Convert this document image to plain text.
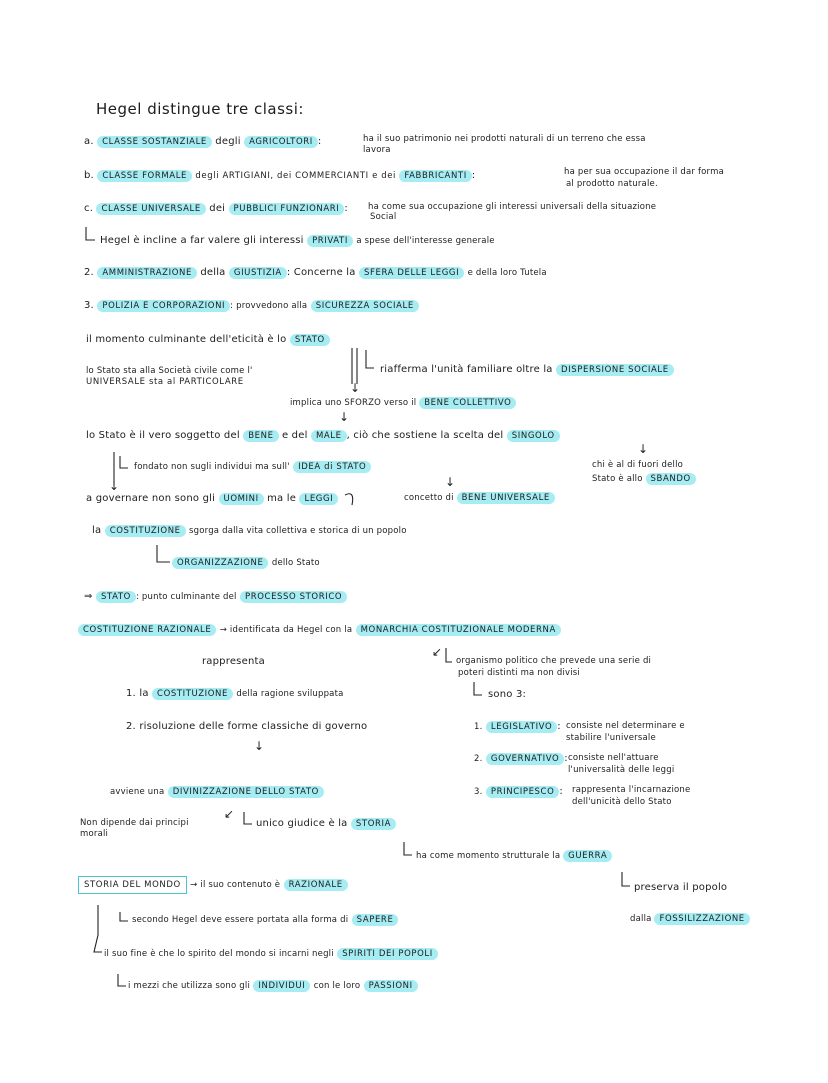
Hegel distingue tre classi:
a. CLASSE SOSTANZIALE degli AGRICOLTORI :	ha il suo patrimonio nei prodotti naturali di un terreno che essa
lavora
b. CLASSE FORMALE degli ARTIGIANI, dei COMMERCIANTI e dei FABBRICANTI :	ha per sua occupazione il dar forma
al prodotto naturale.
c. CLASSE UNIVERSALE dei PUBBLICI FUNZIONARI : ha come sua occupazione gli interessi universali della situazione
Social
Hegel è incline a far valere gli interessi PRIVATI a spese dell'interesse generale
2. AMMINISTRAZIONE della GIUSTIZIA : Concerne la SFERA DELLE LEGGI e della loro Tutela
3. POLIZIA E CORPORAZIONI : provvedono alla SICUREZZA SOCIALE
il momento culminante dell'eticità è lo STATO
lo Stato sta alla Società civile come l'
UNIVERSALE sta al PARTICOLARE
riafferma l'unità familiare oltre la DISPERSIONE SOCIALE
↓
implica uno SFORZO verso il BENE COLLETTIVO
↓
lo Stato è il vero soggetto del BENE e del MALE , ciò che sostiene la scelta del SINGOLO
↓
fondato non sugli individui ma sull' IDEA di STATO
↓
↓
chi è al di fuori dello
Stato è allo SBANDO
a governare non sono gli UOMINI ma le LEGGI	concetto di BENE UNIVERSALE
la COSTITUZIONE sgorga dalla vita collettiva e storica di un popolo
ORGANIZZAZIONE dello Stato
⇒ STATO : punto culminante del PROCESSO STORICO
COSTITUZIONE RAZIONALE → identificata da Hegel con la MONARCHIA COSTITUZIONALE MODERNA
rappresenta
↙
organismo politico che prevede una serie di
poteri distinti ma non divisi
sono 3:
1. la COSTITUZIONE della ragione sviluppata
2. risoluzione delle forme classiche di governo
↓
1. LEGISLATIVO : consiste nel determinare e
stabilire l'universale
2. GOVERNATIVO : consiste nell'attuare
l'universalità delle leggi
3. PRINCIPESCO : rappresenta l'incarnazione
dell'unicità dello Stato
avviene una DIVINIZZAZIONE DELLO STATO
Non dipende dai principi
morali
↙
unico giudice è la STORIA
ha come momento strutturale la GUERRA
preserva il popolo
dalla FOSSILIZZAZIONE
STORIA DEL MONDO → il suo contenuto è RAZIONALE
secondo Hegel deve essere portata alla forma di SAPERE
il suo fine è che lo spirito del mondo si incarni negli SPIRITI DEI POPOLI
i mezzi che utilizza sono gli INDIVIDUI con le loro PASSIONI
